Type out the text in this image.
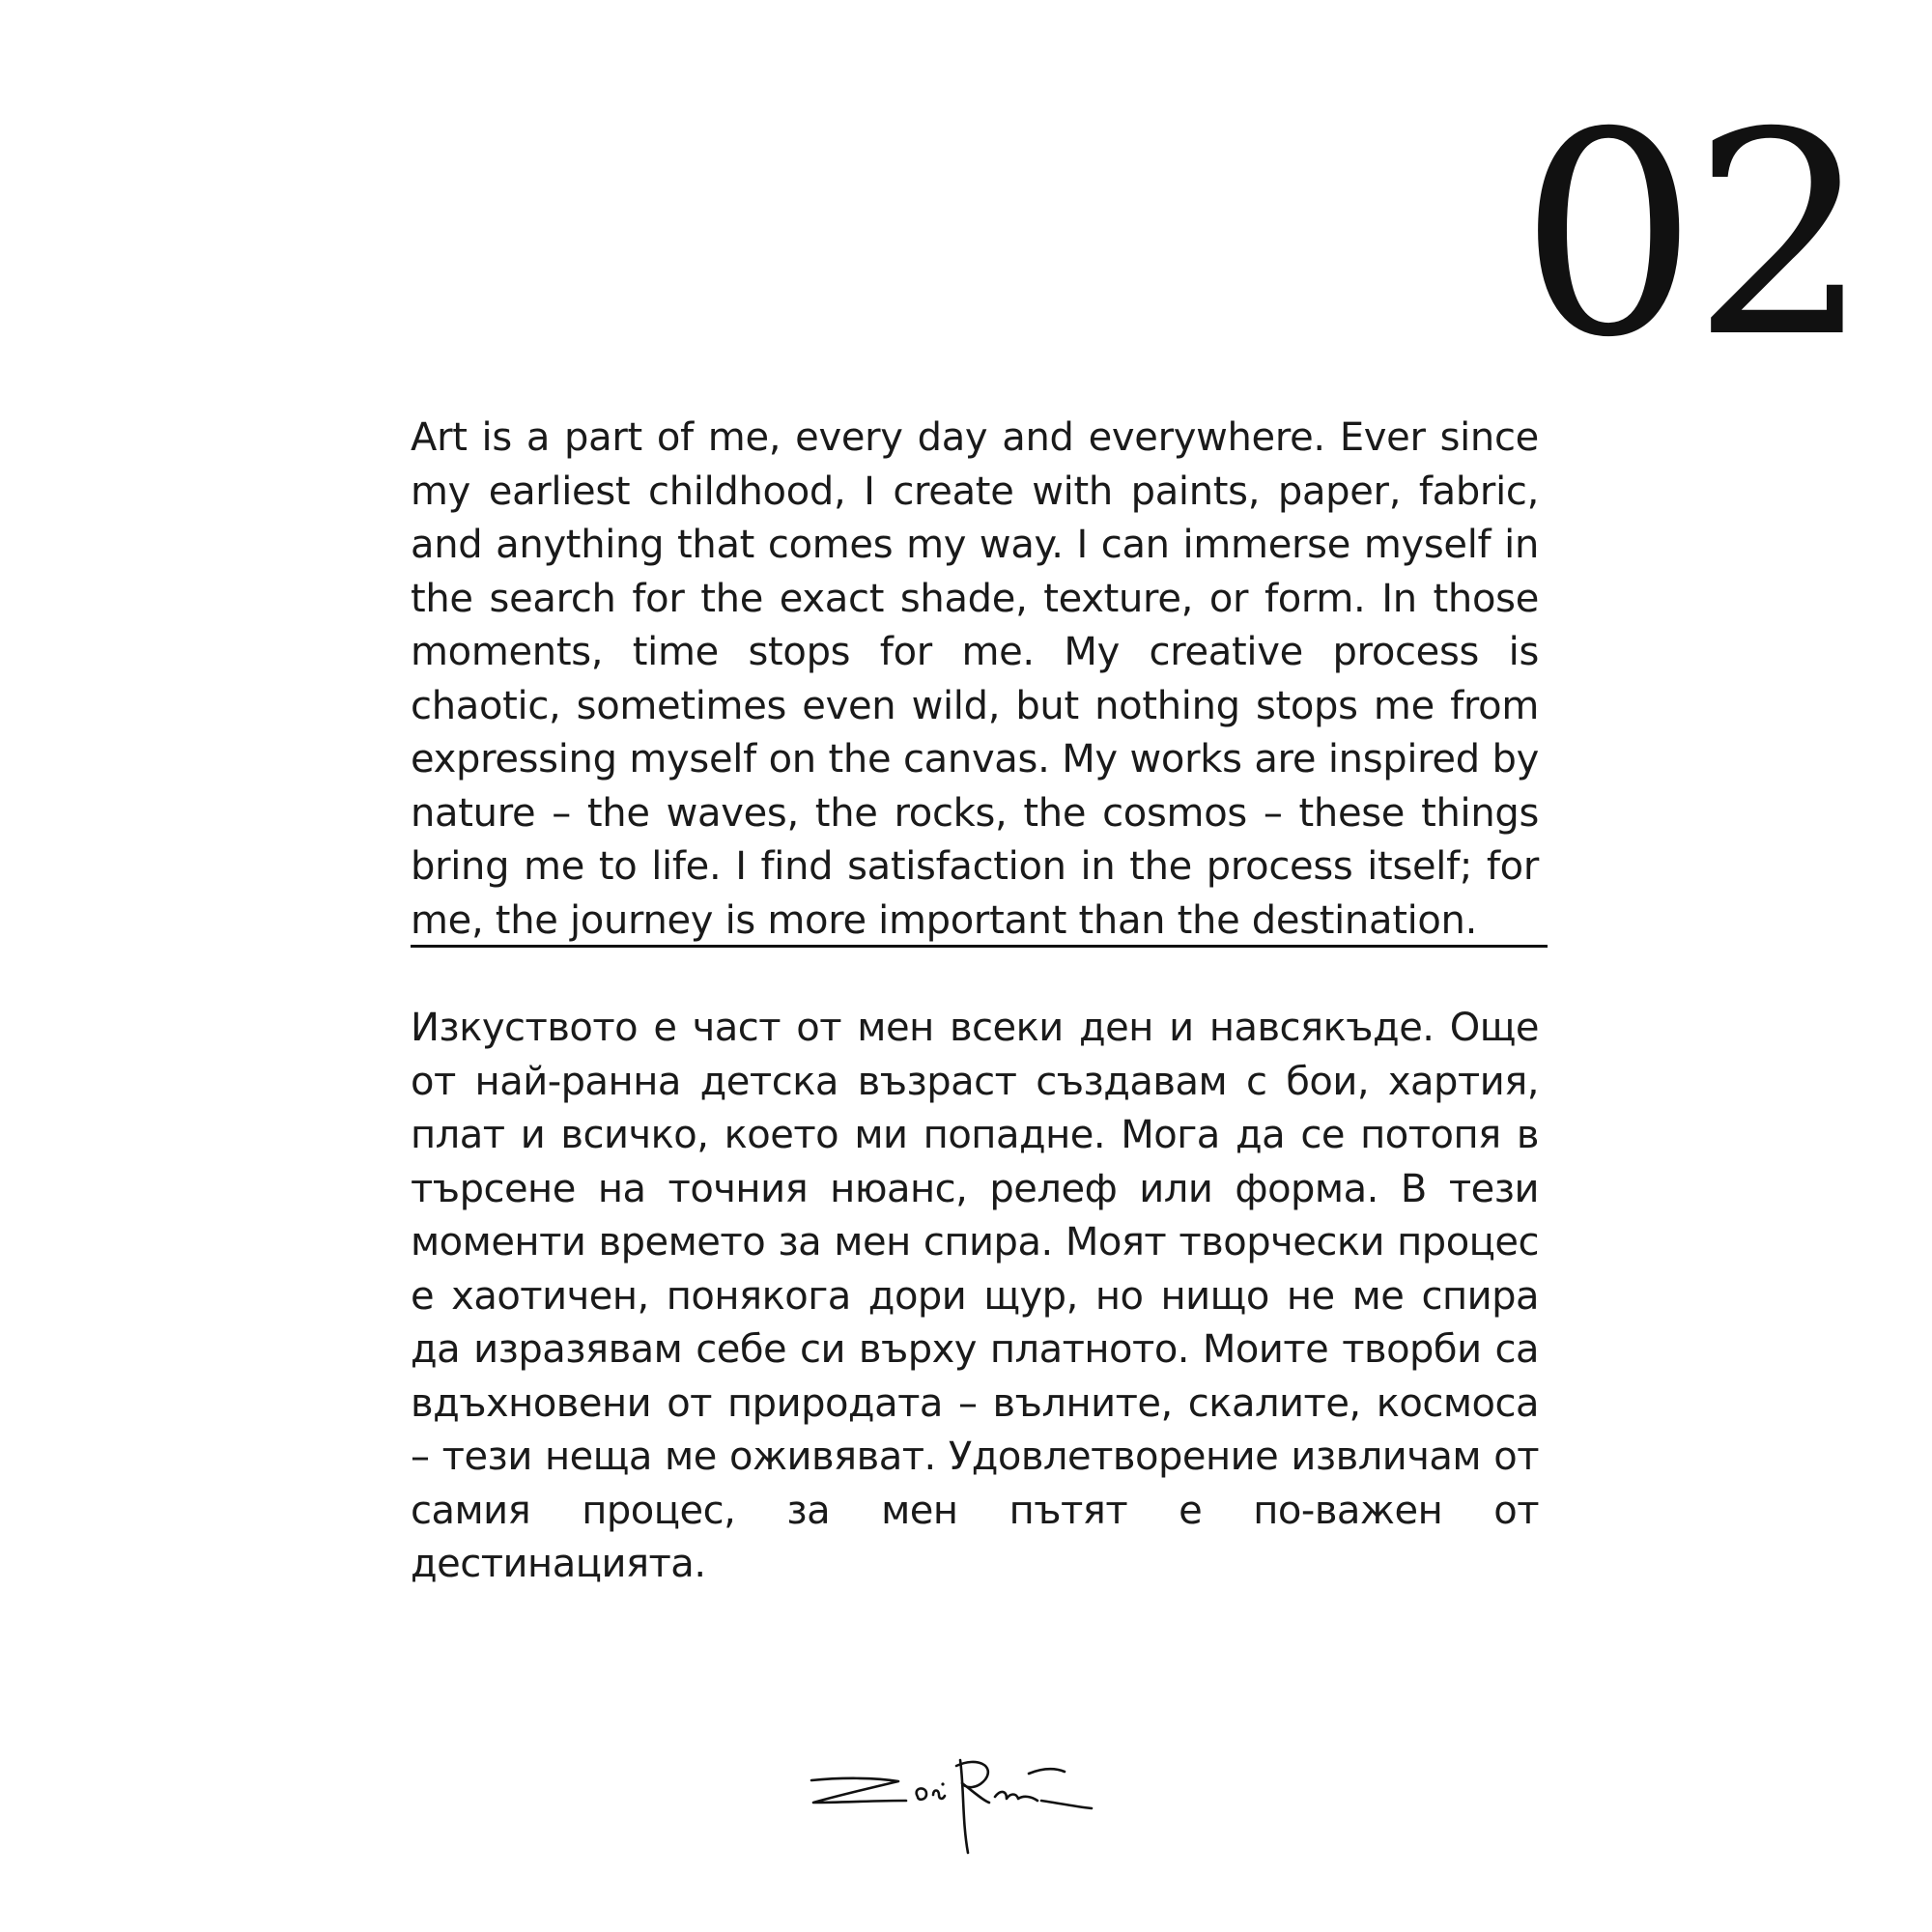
02

Art is a part of me, every day and everywhere. Ever since my earliest childhood, I create with paints, paper, fabric, and anything that comes my way. I can immerse myself in the search for the exact shade, texture, or form. In those moments, time stops for me. My creative process is chaotic, sometimes even wild, but nothing stops me from expressing myself on the canvas. My works are inspired by nature – the waves, the rocks, the cosmos – these things bring me to life. I find satisfaction in the process itself; for me, the journey is more important than the destination.

Изкуството е част от мен всеки ден и навсякъде. Още от най-ранна детска възраст създавам с бои, хартия, плат и всичко, което ми попадне. Мога да се потопя в търсене на точния нюанс, релеф или форма. В тези моменти времето за мен спира. Моят творчески процес е хаотичен, понякога дори щур, но нищо не ме спира да изразявам себе си върху платното. Моите творби са вдъхновени от природата – вълните, скалите, космоса – тези неща ме оживяват. Удовлетворение извличам от самия процес, за мен пътят е по-важен от дестинацията.
